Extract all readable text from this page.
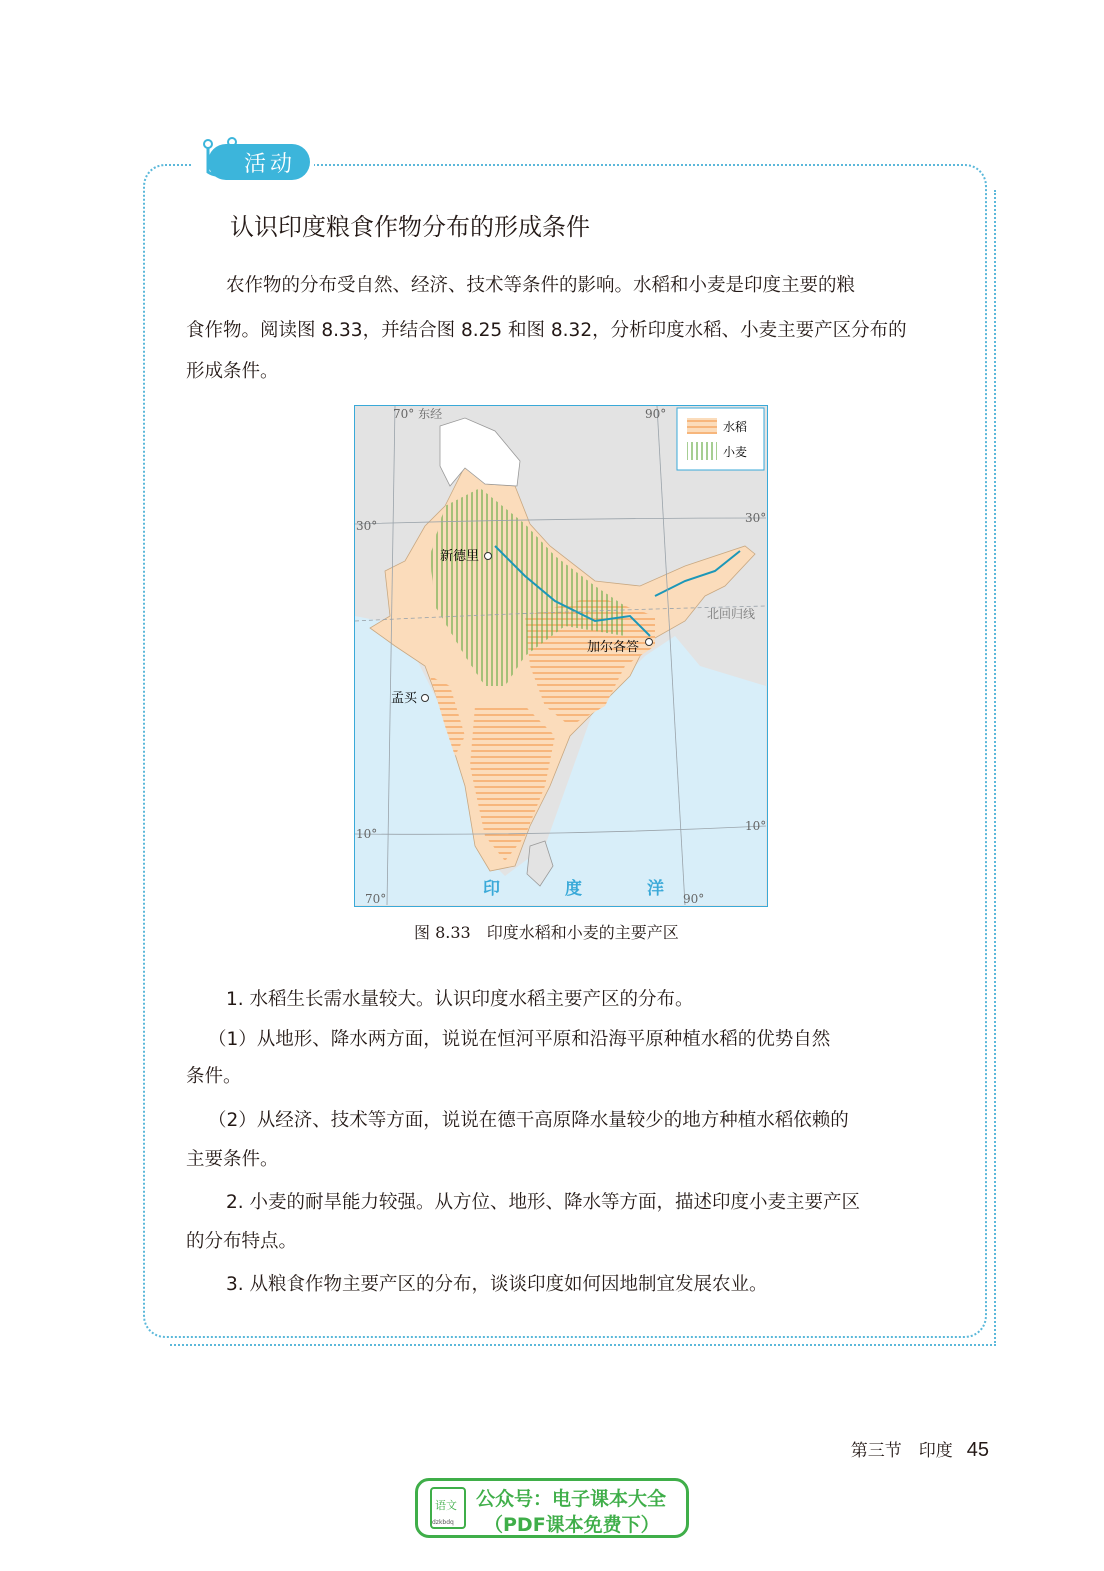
活动
认识印度粮食作物分布的形成条件
农作物的分布受自然、经济、技术等条件的影响。水稻和小麦是印度主要的粮
食作物。阅读图 8.33，并结合图 8.25 和图 8.32，分析印度水稻、小麦主要产区分布的
形成条件。
水稻
小麦
70° 东经	90°
70°	90°
30°
30°
10°
10°
北回归线
新德里
加尔各答
孟买
印	度	洋
图 8.33　印度水稻和小麦的主要产区
1. 水稻生长需水量较大。认识印度水稻主要产区的分布。
（1）从地形、降水两方面，说说在恒河平原和沿海平原种植水稻的优势自然
条件。
（2）从经济、技术等方面，说说在德干高原降水量较少的地方种植水稻依赖的
主要条件。
2. 小麦的耐旱能力较强。从方位、地形、降水等方面，描述印度小麦主要产区
的分布特点。
3. 从粮食作物主要产区的分布，谈谈印度如何因地制宜发展农业。
第三节　印度 45
语文
dzkbdq
公众号：电子课本大全
（PDF课本免费下）
